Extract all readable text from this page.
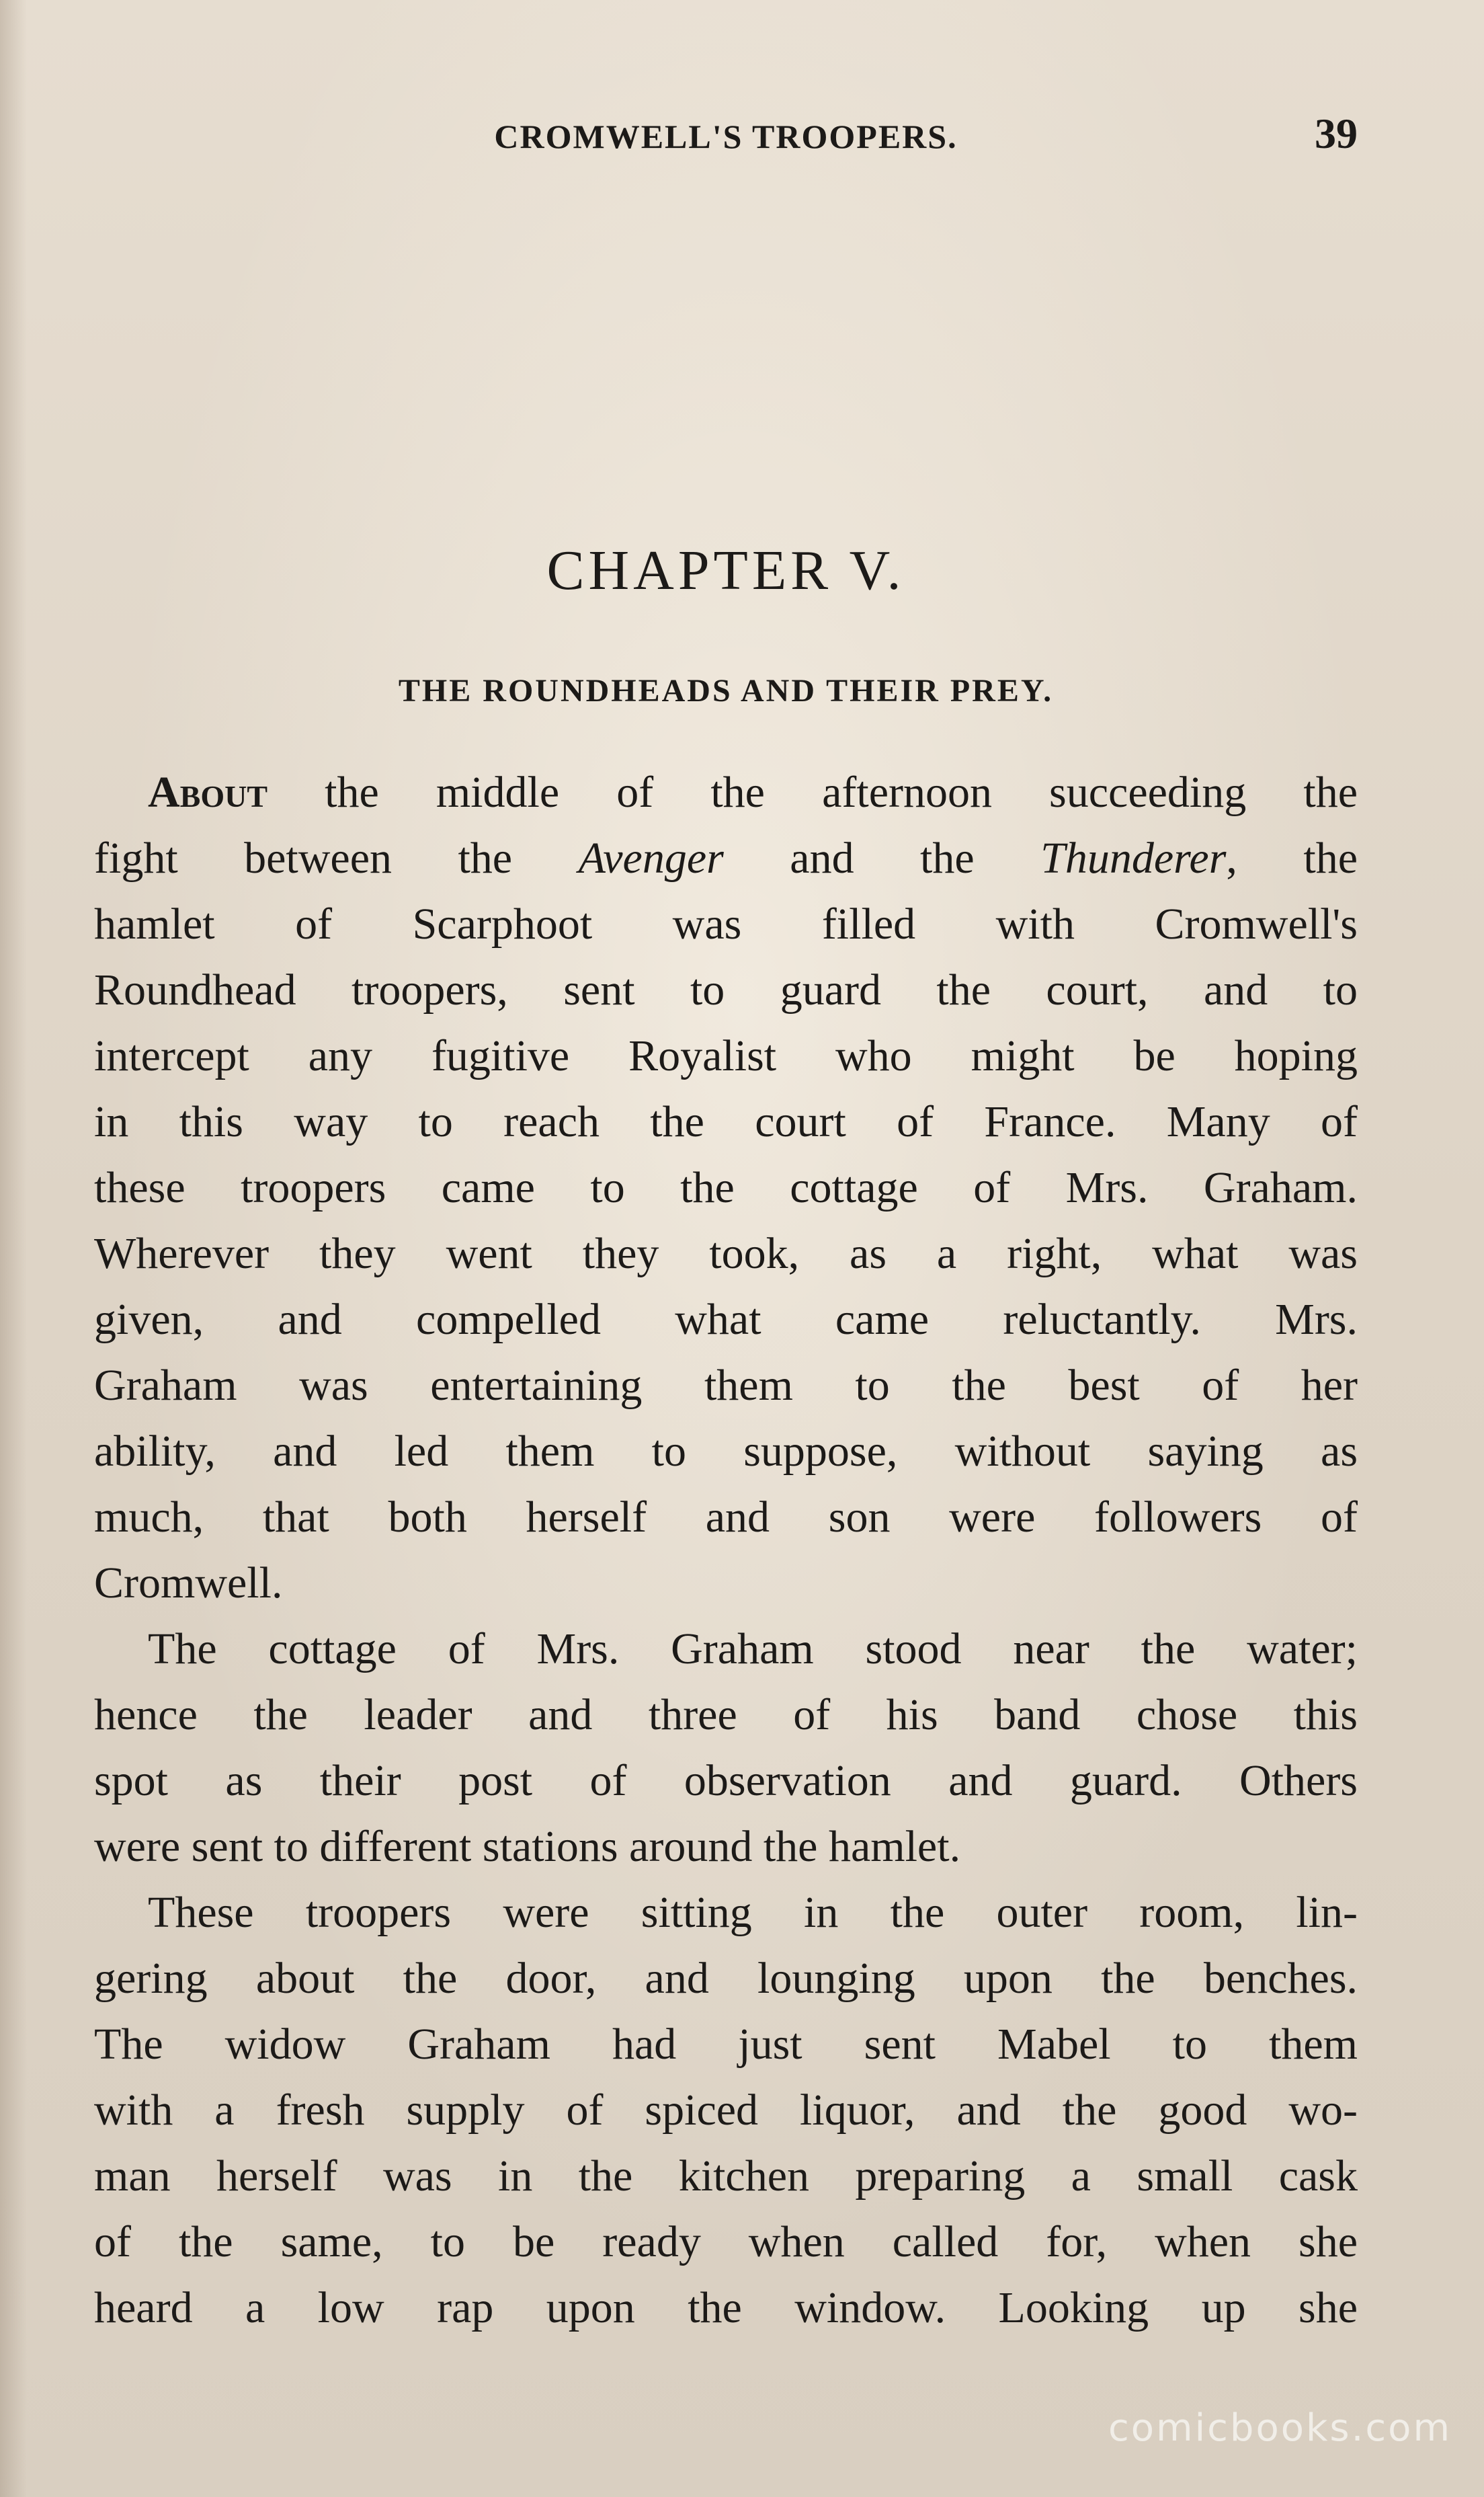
CROMWELL'S TROOPERS.	39
CHAPTER V.
THE ROUNDHEADS AND THEIR PREY.
About the middle of the afternoon succeeding the
fight between the Avenger and the Thunderer, the
hamlet of Scarphoot was filled with Cromwell's
Roundhead troopers, sent to guard the court, and to
intercept any fugitive Royalist who might be hoping
in this way to reach the court of France. Many of
these troopers came to the cottage of Mrs. Graham.
Wherever they went they took, as a right, what was
given, and compelled what came reluctantly. Mrs.
Graham was entertaining them to the best of her
ability, and led them to suppose, without saying as
much, that both herself and son were followers of
Cromwell.
The cottage of Mrs. Graham stood near the water;
hence the leader and three of his band chose this
spot as their post of observation and guard. Others
were sent to different stations around the hamlet.
These troopers were sitting in the outer room, lin-
gering about the door, and lounging upon the benches.
The widow Graham had just sent Mabel to them
with a fresh supply of spiced liquor, and the good wo-
man herself was in the kitchen preparing a small cask
of the same, to be ready when called for, when she
heard a low rap upon the window. Looking up she
comicbooks.com
